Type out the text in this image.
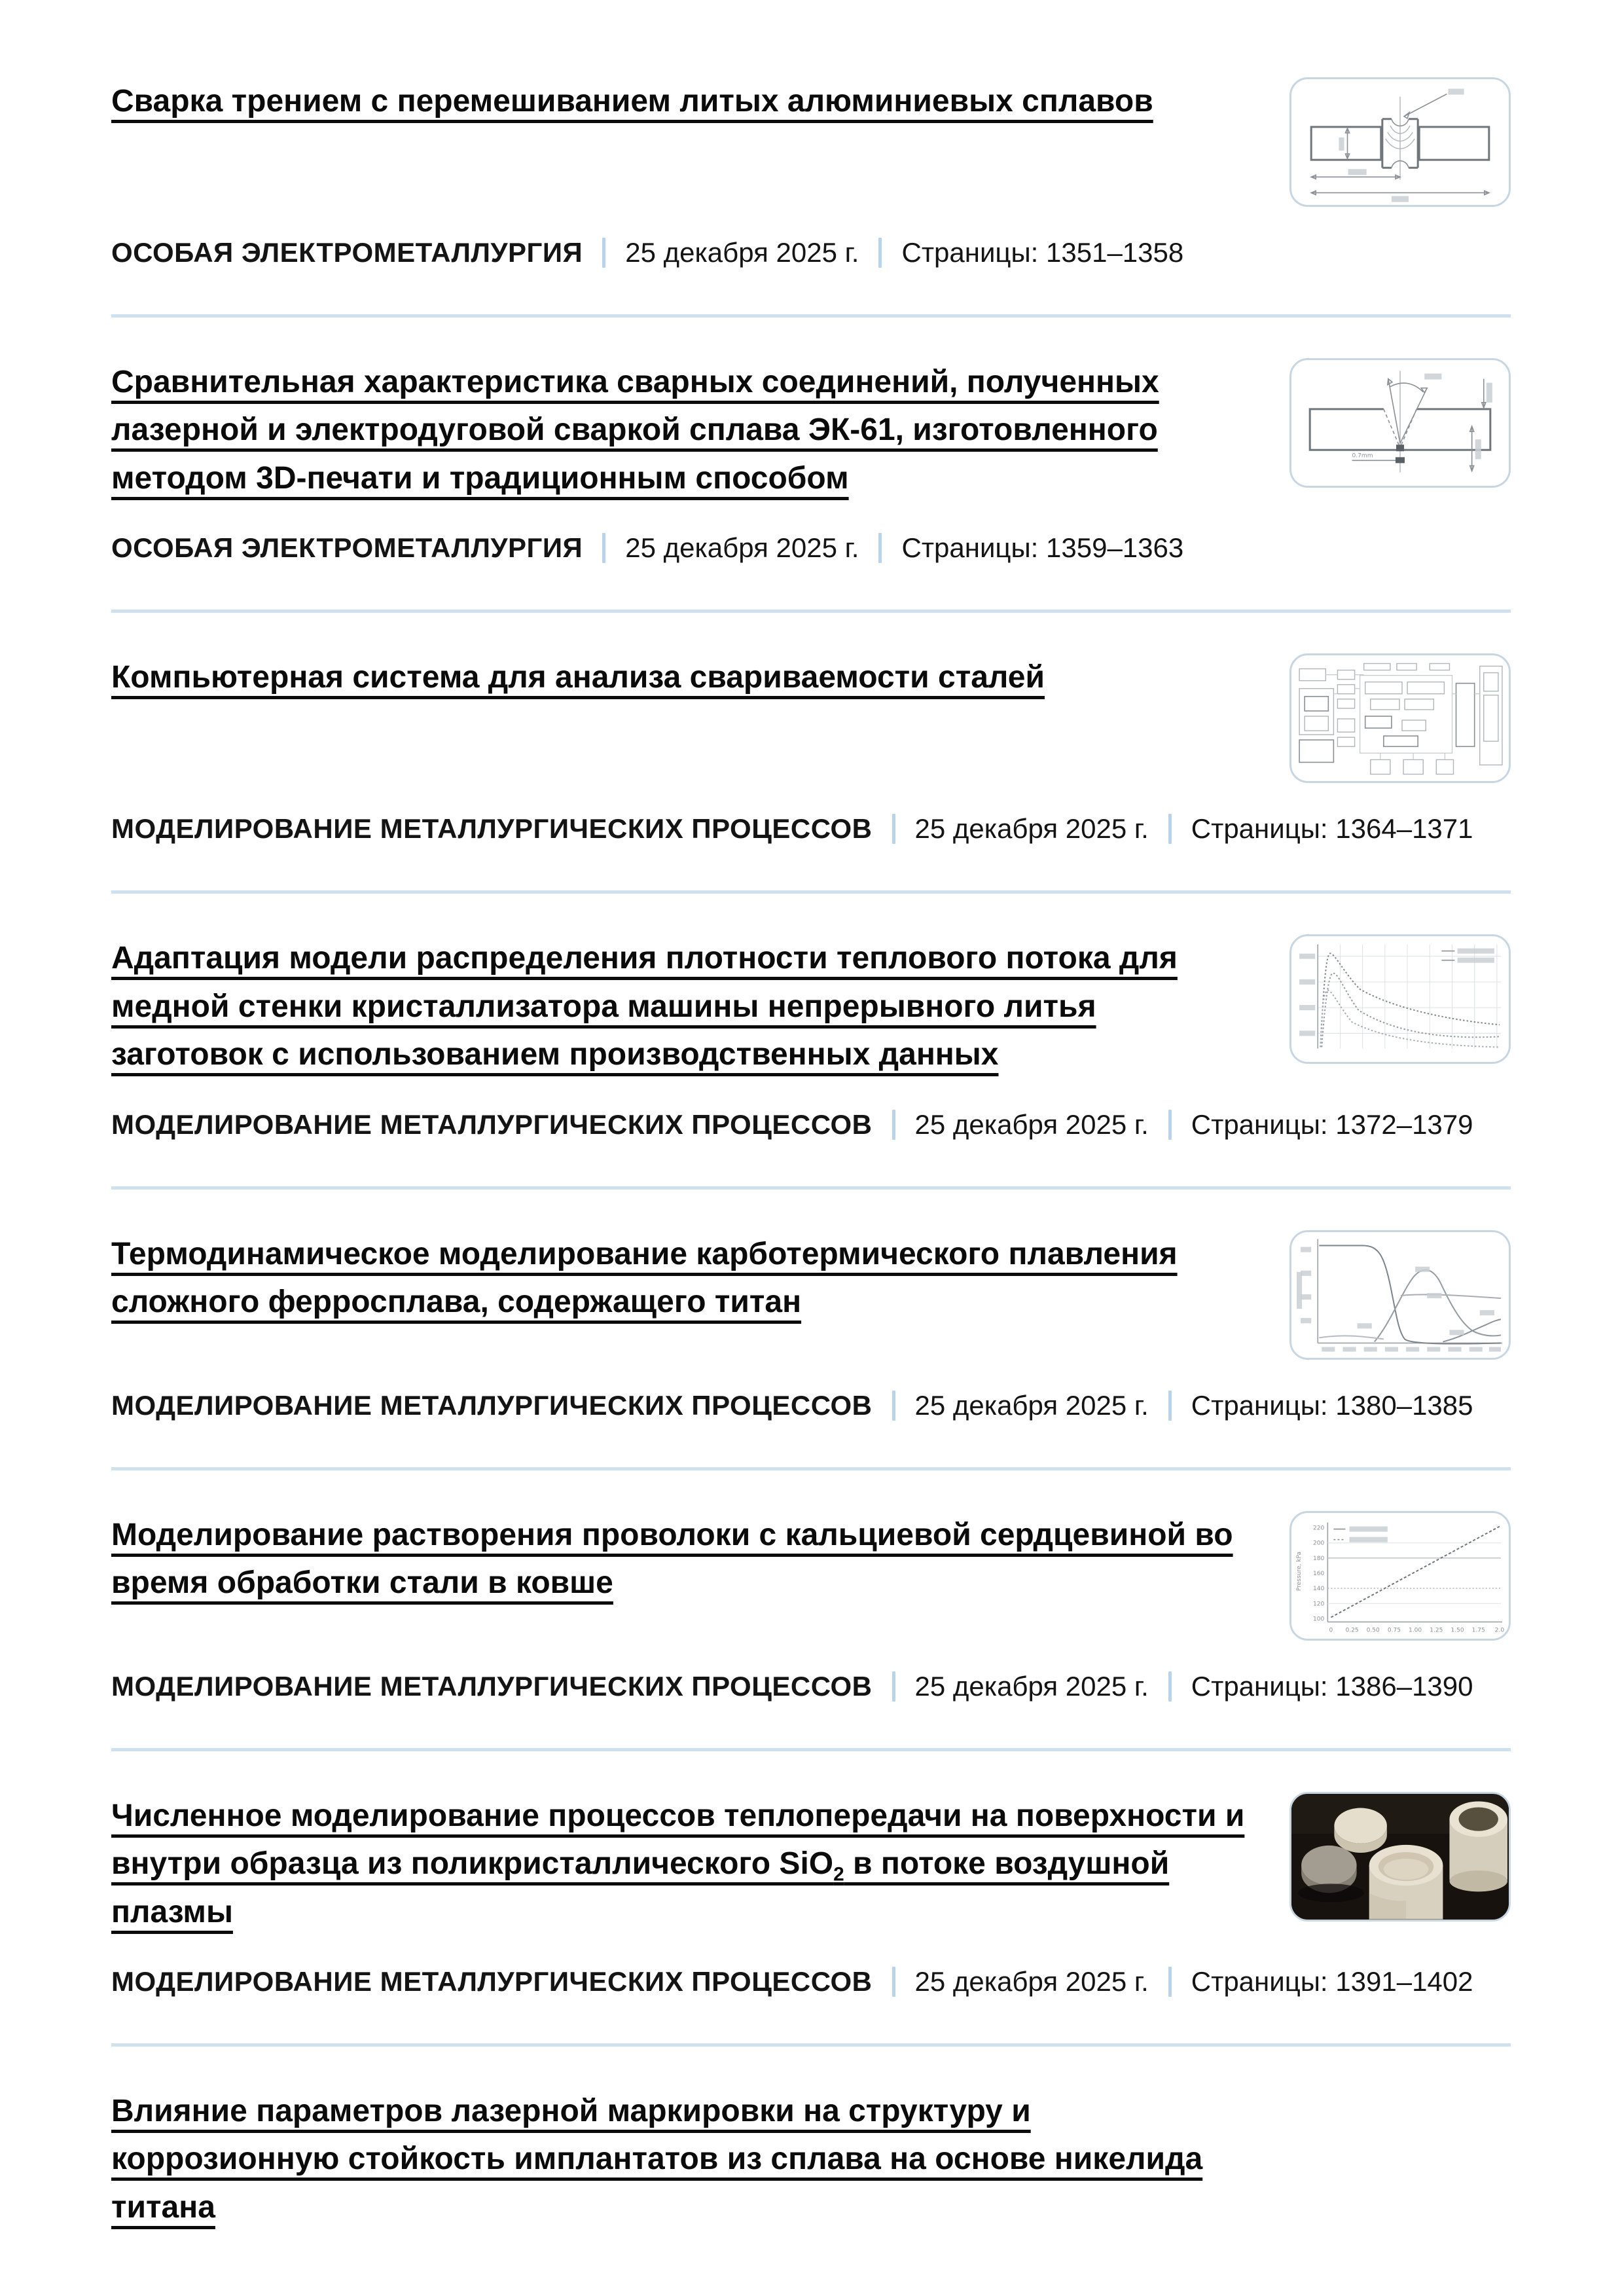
Сварка трением с перемешиванием литых алюминиевых сплавов
ОСОБАЯ ЭЛЕКТРОМЕТАЛЛУРГИЯ 25 декабря 2025 г. Страницы: 1351–1358
Сравнительная характеристика сварных соединений, полученных лазерной и электродуговой сваркой сплава ЭК-61, изготовленного методом 3D-печати и традиционным способом
0.7mm
ОСОБАЯ ЭЛЕКТРОМЕТАЛЛУРГИЯ 25 декабря 2025 г. Страницы: 1359–1363
Компьютерная система для анализа свариваемости сталей
МОДЕЛИРОВАНИЕ МЕТАЛЛУРГИЧЕСКИХ ПРОЦЕССОВ 25 декабря 2025 г. Страницы: 1364–1371
Адаптация модели распределения плотности теплового потока для медной стенки кристаллизатора машины непрерывного литья заготовок с использованием производственных данных
МОДЕЛИРОВАНИЕ МЕТАЛЛУРГИЧЕСКИХ ПРОЦЕССОВ 25 декабря 2025 г. Страницы: 1372–1379
Термодинамическое моделирование карботермического плавления сложного ферросплава, содержащего титан
МОДЕЛИРОВАНИЕ МЕТАЛЛУРГИЧЕСКИХ ПРОЦЕССОВ 25 декабря 2025 г. Страницы: 1380–1385
Моделирование растворения проволоки с кальциевой сердцевиной во время обработки стали в ковше
220
200
180
160
140
120
100
0 0.25 0.50 0.75 1.00 1.25 1.50 1.75 2.0
Pressure, kPa
МОДЕЛИРОВАНИЕ МЕТАЛЛУРГИЧЕСКИХ ПРОЦЕССОВ 25 декабря 2025 г. Страницы: 1386–1390
Численное моделирование процессов теплопередачи на поверхности и внутри образца из поликристаллического SiO$_2$ в потоке воздушной плазмы
МОДЕЛИРОВАНИЕ МЕТАЛЛУРГИЧЕСКИХ ПРОЦЕССОВ 25 декабря 2025 г. Страницы: 1391–1402
Влияние параметров лазерной маркировки на структуру и коррозионную стойкость имплантатов из сплава на основе никелида титана
